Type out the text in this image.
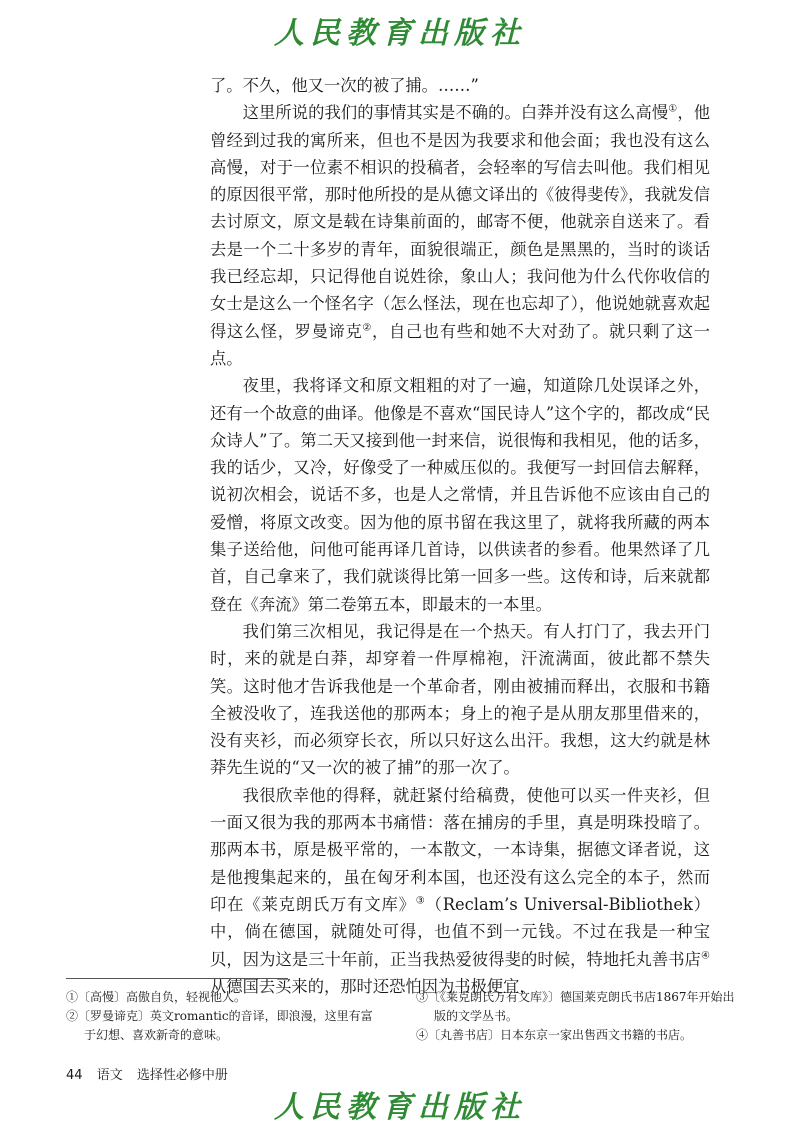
人民教育出版社

了。不久，他又一次的被了捕。……”

这里所说的我们的事情其实是不确的。白莽并没有这么高慢①，他曾经到过我的寓所来，但也不是因为我要求和他会面；我也没有这么高慢，对于一位素不相识的投稿者，会轻率的写信去叫他。我们相见的原因很平常，那时他所投的是从德文译出的《彼得斐传》，我就发信去讨原文，原文是载在诗集前面的，邮寄不便，他就亲自送来了。看去是一个二十多岁的青年，面貌很端正，颜色是黑黑的，当时的谈话我已经忘却，只记得他自说姓徐，象山人；我问他为什么代你收信的女士是这么一个怪名字（怎么怪法，现在也忘却了），他说她就喜欢起得这么怪，罗曼谛克②，自己也有些和她不大对劲了。就只剩了这一点。

夜里，我将译文和原文粗粗的对了一遍，知道除几处误译之外，还有一个故意的曲译。他像是不喜欢“国民诗人”这个字的，都改成“民众诗人”了。第二天又接到他一封来信，说很悔和我相见，他的话多，我的话少，又冷，好像受了一种威压似的。我便写一封回信去解释，说初次相会，说话不多，也是人之常情，并且告诉他不应该由自己的爱憎，将原文改变。因为他的原书留在我这里了，就将我所藏的两本集子送给他，问他可能再译几首诗，以供读者的参看。他果然译了几首，自己拿来了，我们就谈得比第一回多一些。这传和诗，后来就都登在《奔流》第二卷第五本，即最末的一本里。

我们第三次相见，我记得是在一个热天。有人打门了，我去开门时，来的就是白莽，却穿着一件厚棉袍，汗流满面，彼此都不禁失笑。这时他才告诉我他是一个革命者，刚由被捕而释出，衣服和书籍全被没收了，连我送他的那两本；身上的袍子是从朋友那里借来的，没有夹衫，而必须穿长衣，所以只好这么出汗。我想，这大约就是林莽先生说的“又一次的被了捕”的那一次了。

我很欣幸他的得释，就赶紧付给稿费，使他可以买一件夹衫，但一面又很为我的那两本书痛惜：落在捕房的手里，真是明珠投暗了。那两本书，原是极平常的，一本散文，一本诗集，据德文译者说，这是他搜集起来的，虽在匈牙利本国，也还没有这么完全的本子，然而印在《莱克朗氏万有文库》③（Reclam’s Universal-Bibliothek）中，倘在德国，就随处可得，也值不到一元钱。不过在我是一种宝贝，因为这是三十年前，正当我热爱彼得斐的时候，特地托丸善书店④从德国去买来的，那时还恐怕因为书极便宜，

①〔高慢〕高傲自负，轻视他人。
②〔罗曼谛克〕英文romantic的音译，即浪漫，这里有富于幻想、喜欢新奇的意味。
③〔《莱克朗氏万有文库》〕德国莱克朗氏书店1867年开始出版的文学丛书。
④〔丸善书店〕日本东京一家出售西文书籍的书店。
44 语文 选择性必修中册
人民教育出版社
